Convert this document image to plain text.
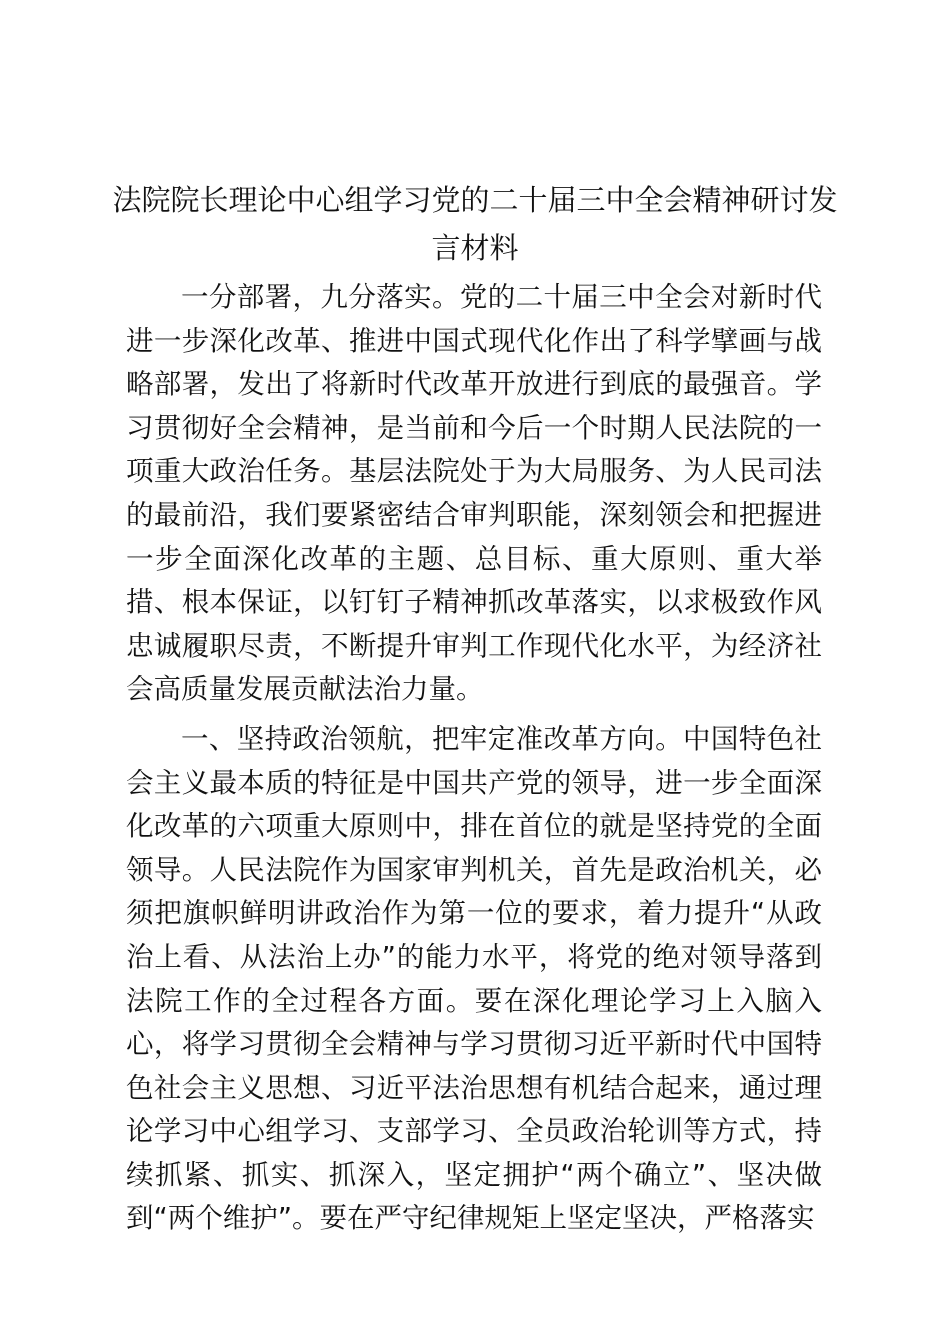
法院院长理论中心组学习党的二十届三中全会精神研讨发言材料

一分部署，九分落实。党的二十届三中全会对新时代进一步深化改革、推进中国式现代化作出了科学擘画与战略部署，发出了将新时代改革开放进行到底的最强音。学习贯彻好全会精神，是当前和今后一个时期人民法院的一项重大政治任务。基层法院处于为大局服务、为人民司法的最前沿，我们要紧密结合审判职能，深刻领会和把握进一步全面深化改革的主题、总目标、重大原则、重大举措、根本保证，以钉钉子精神抓改革落实，以求极致作风忠诚履职尽责，不断提升审判工作现代化水平，为经济社会高质量发展贡献法治力量。

一、坚持政治领航，把牢定准改革方向。中国特色社会主义最本质的特征是中国共产党的领导，进一步全面深化改革的六项重大原则中，排在首位的就是坚持党的全面领导。人民法院作为国家审判机关，首先是政治机关，必须把旗帜鲜明讲政治作为第一位的要求，着力提升“从政治上看、从法治上办”的能力水平，将党的绝对领导落到法院工作的全过程各方面。要在深化理论学习上入脑入心，将学习贯彻全会精神与学习贯彻习近平新时代中国特色社会主义思想、习近平法治思想有机结合起来，通过理论学习中心组学习、支部学习、全员政治轮训等方式，持续抓紧、抓实、抓深入，坚定拥护“两个确立”、坚决做到“两个维护”。要在严守纪律规矩上坚定坚决，严格落实
